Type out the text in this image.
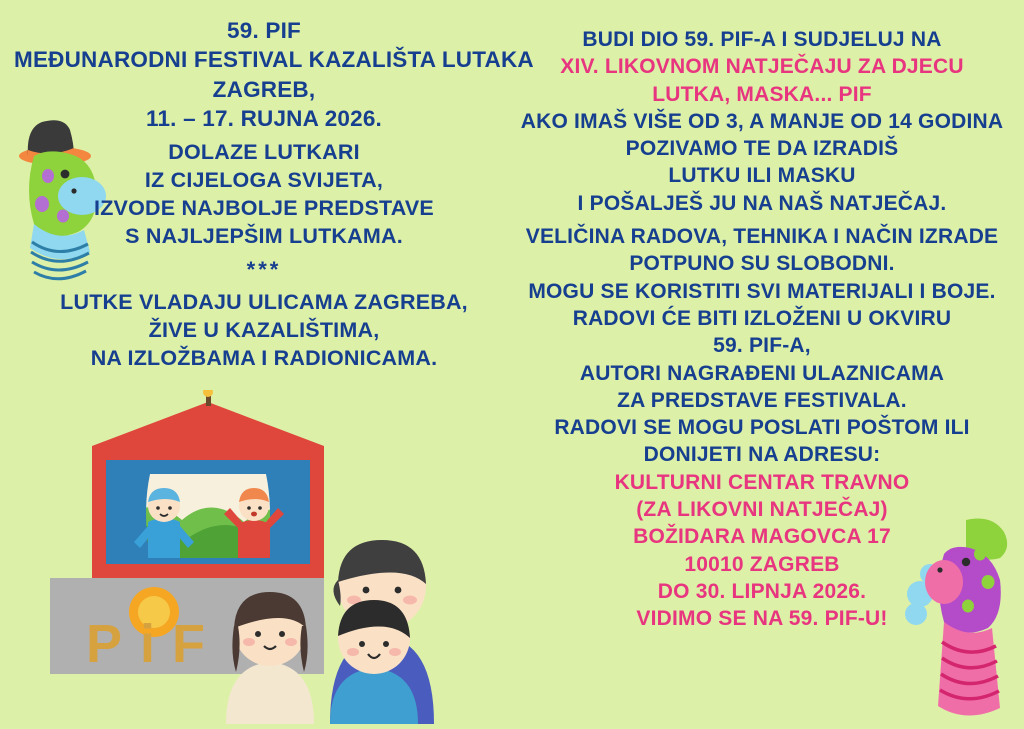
59. PIF
MEĐUNARODNI FESTIVAL KAZALIŠTA LUTAKA
ZAGREB,
11. – 17. RUJNA 2026.
DOLAZE LUTKARI
IZ CIJELOGA SVIJETA,
IZVODE NAJBOLJE PREDSTAVE
S NAJLJEPŠIM LUTKAMA.
***
LUTKE VLADAJU ULICAMA ZAGREBA,
ŽIVE U KAZALIŠTIMA,
NA IZLOŽBAMA I RADIONICAMA.
BUDI DIO 59. PIF-A I SUDJELUJ NA
XIV. LIKOVNOM NATJEČAJU ZA DJECU
LUTKA, MASKA... PIF
AKO IMAŠ VIŠE OD 3, A MANJE OD 14 GODINA
POZIVAMO TE DA IZRADIŠ
LUTKU ILI MASKU
I POŠALJEŠ JU NA NAŠ NATJEČAJ.
VELIČINA RADOVA, TEHNIKA I NAČIN IZRADE
POTPUNO SU SLOBODNI.
MOGU SE KORISTITI SVI MATERIJALI I BOJE.
RADOVI ĆE BITI IZLOŽENI U OKVIRU
59. PIF-A,
AUTORI NAGRAĐENI ULAZNICAMA
ZA PREDSTAVE FESTIVALA.
RADOVI SE MOGU POSLATI POŠTOM ILI
DONIJETI NA ADRESU:
KULTURNI CENTAR TRAVNO
(ZA LIKOVNI NATJEČAJ)
BOŽIDARA MAGOVCA 17
10010 ZAGREB
DO 30. LIPNJA 2026.
VIDIMO SE NA 59. PIF-U!
P i F
